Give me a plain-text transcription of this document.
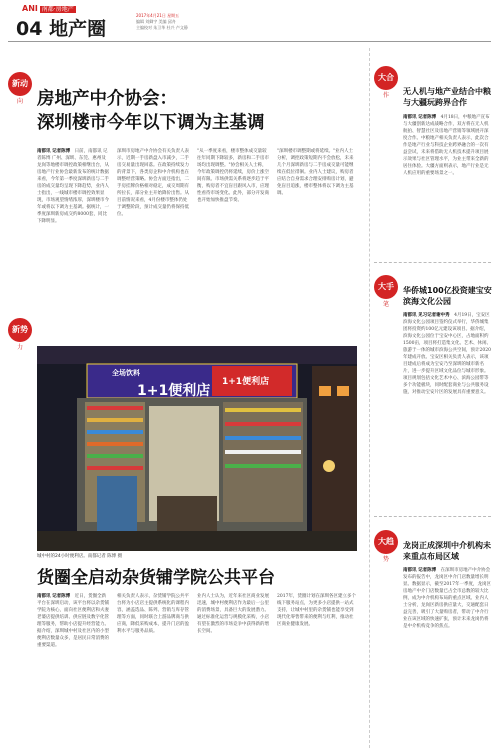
ANI 南都·房地产
04 地产圈
2017年4月21日 星期五
编辑 刘卿宇 美编 邱舟
主编校对 朱卫华 杜兴 卢文静
新动
向 房地产中介协会：
深圳楼市今年以下调为主基调
南都讯 记者陈博　日前，南都讯 记者陈博 广州、深圳、东莞、惠州及龙岗等地楼市调控政策相继出台，从房地产行业协会最新发布的统计数据来看，今年第一季度深圳新房与二手房的成交量均呈现下降趋势，业内人士指出，一线城市楼市调控效果显现，市场观望情绪浓厚，深圳楼市今年或将以下调为主基调。据统计，一季度深圳新房成交约8000套，同比下降明显。
深圳市房地产中介协会有关负责人表示，近期一手房新盘入市减少，二手房交易量出现回落。在政策持续发力的背景下，各类房企和中介机构也在调整经营策略。协会方面还指出，二手房挂牌价格相对稳定，成交周期有所拉长，部分业主开始降价出售。从目前情况来看，4月份楼市整体仍处于调整阶段，预计成交量仍将保持低位。
"从一季度来看，楼市整体成交量较往年同期下降较多，新房和二手房市场均出现调整。"协会相关人士称，今年政策调控仍将延续，房价上涨空间有限。市场供需关系将逐步趋于平衡，购房者不宜盲目跟风入市，应理性看待市场变化。此外，部分开发商也开始加快推盘节奏。
"深圳楼市调整期或将延续。"业内人士分析，调控政策短期内不会放松，未来几个月深圳新房与二手房成交量可能继续在低位徘徊。业内人士建议，购房者应结合自身需求合理安排购房计划，避免盲目追涨，楼市整体将以下调为主基调。
新势
力
全场饮料
1+1便利店
1+1便利店
城中村的24小时便利店。南都记者 陈博 摄
货圈全启动杂货铺学院公共平台
南都讯 记者陈博　近日，货圈全新平台在深圳启动，该平台将以杂货铺学院为核心，面向社区便利店和夫妻老婆店提供培训、供应链及数字化管理等服务，帮助小店提升经营能力。据介绍，深圳城中村及社区内的小型便利店数量众多，是居民日常消费的重要渠道。
相关负责人表示，杂货铺学院公共平台将为小店店主提供系统化的课程内容，涵盖选品、陈列、营销与库存管理等方面，同时联合上游品牌商与供应商，降低采购成本，提升门店的盈利水平与服务品质。
业内人士认为，近年来社区商业发展迅速，城中村便利店作为最后一公里的消费场景，具备巨大的发展潜力。通过标准化运营与规模化采购，小店有望在激烈的市场竞争中获得新的增长空间。
2017年，货圈计划在深圳各区建立多个线下服务站点，为更多小店提供一站式支持，让城中村里的杂货铺也能享受到现代化零售带来的便利与红利，推动社区商业健康发展。
大合
作	无人机与地产业结合中粮与大疆玩跨界合作
南都讯 记者陈博　4月18日，中粮地产宣布与大疆创新达成战略合作，双方将在无人机航拍、智慧社区及房地产营销等领域展开深度合作。中粮地产相关负责人表示，此次合作是地产行业与科技企业跨界融合的一次有益尝试，未来将借助无人机技术提升项目展示效果与社区管理水平，为业主带来全新的居住体验。大疆方面则表示，地产行业是无人机应用的重要场景之一。
大手
笔
华侨城100亿投资建宝安滨海文化公园
南都讯 见习记者谢中秀　4月19日，宝安区滨海文化公园项目签约仪式举行，华侨城集团将投资约100亿元建设该项目。据介绍，滨海文化公园位于宝安中心区，占地面积约1500亩，项目将打造集文化、艺术、休闲、旅游于一体的城市滨海公共空间，预计2020年建成开放。宝安区相关负责人表示，该项目建成后将成为宝安乃至深圳的城市新名片，进一步提升区域文化品位与城市形象。项目规划包括文化艺术中心、滨海公园带等多个功能板块，同时配套商业与公共服务设施，对推动宝安片区的发展具有重要意义。
大趋
势
龙岗正成深圳中介机构未来重点布局区域
南都讯 记者陈博　在深圳市房地产中介协会发布的报告中，龙岗区中介门店数量增长明显。数据显示，截至2017年一季度，龙岗区房地产中介门店数量已占全市总数的较大比例，成为中介机构布局的重点区域。业内人士分析，龙岗区新房供应量大，交通配套日益完善，吸引了大量购房者，带动了中介行业在该区域的快速扩张，预计未来龙岗仍将是中介机构竞争的焦点。
